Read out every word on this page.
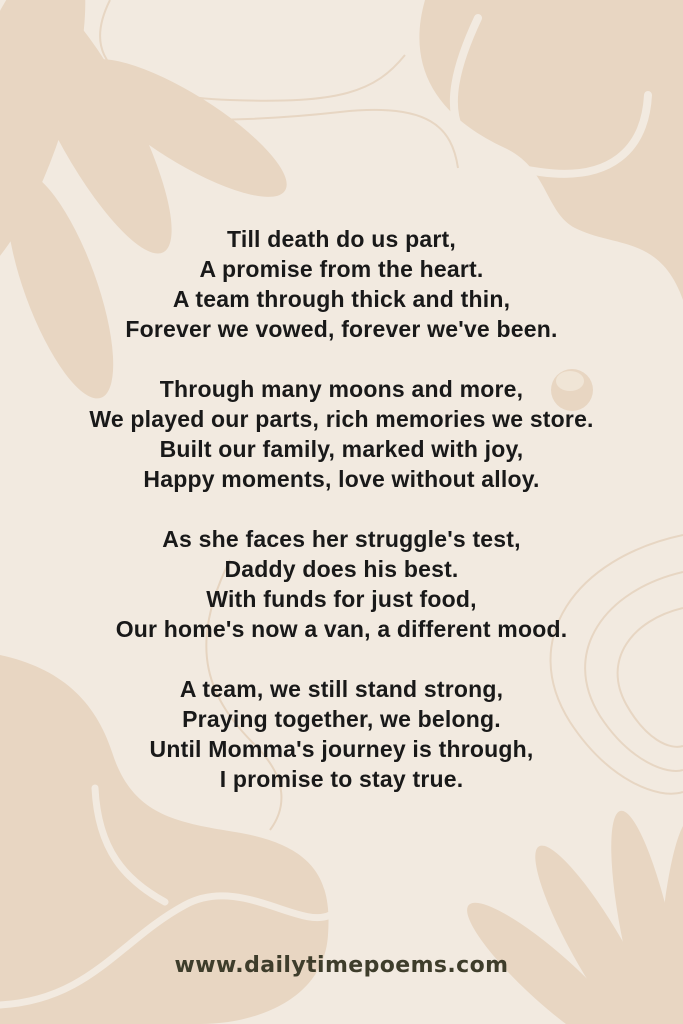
Till death do us part,
A promise from the heart.
A team through thick and thin,
Forever we vowed, forever we've been.
Through many moons and more,
We played our parts, rich memories we store.
Built our family, marked with joy,
Happy moments, love without alloy.
As she faces her struggle's test,
Daddy does his best.
With funds for just food,
Our home's now a van, a different mood.
A team, we still stand strong,
Praying together, we belong.
Until Momma's journey is through,
I promise to stay true.
www.dailytimepoems.com
